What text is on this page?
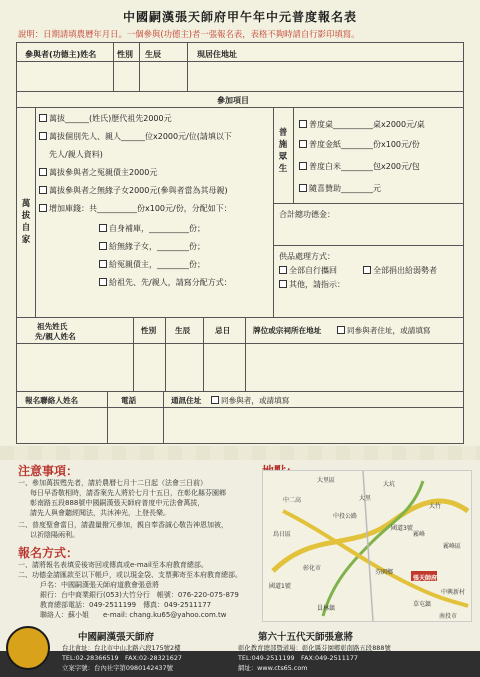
中國嗣漢張天師府甲午年中元普度報名表
說明：日期請填農曆年月日。一個參與(功德主)者一張報名表，表格不夠時請自行影印填寫。
參與者(功德主)姓名	性別 生辰	現居住地址
參加項目
萬拔自家
萬拔______(姓氏)歷代祖先2000元
萬拔個別先人、親人______位x2000元/位(請填以下
先人/親人資料)
萬拔參與者之冤親債主2000元
萬拔參與者之無緣子女2000元(參與者當為其母親)
增加庫錢：共__________份x100元/份，分配如下：
自身補庫，__________份；
給無緣子女，________份；
給冤親債主，________份；
給祖先、先/親人，請寫分配方式：
普施眾生
普度桌__________桌x2000元/桌
普度金紙________份x100元/份
普度白米________包x200元/包
隨喜贊助________元
合計總功德金：
供品處理方式：
全部自行攜回	全部捐出給弱勢者
其他，請指示：
祖先姓氏
先/親人姓名
性別 生辰	忌日	牌位或宗祠所在地址	同參與者住址，或請填寫
報名聯絡人姓名	電話	通訊住址	同參與者，或請填寫
注意事項：
一、參加萬拔甦先者，請於農曆七月十二日起（法會三日前）
每日早香敬相時，請香案先人將於七月十五日，在彰化縣芬園鄉
彰南路五段888號中國嗣漢張天師府普度中元法會萬拔，
請先人與會聽經聞法，共沐神光，上登長樂。
二、普度聖會當日，請盡量撥冗參加，親自奉香誠心敬告神恩加被，
以祈陰陽兩利。
報名方式：
一、請將報名表填妥後寄回或傳真或e-mail至本府教育總部。
二、功德金請匯款至以下帳戶，或以現金袋、支票郵寄至本府教育總部。
戶名：中國嗣漢張天師府道教會張意將
銀行：台中商業銀行(053)大竹分行　帳號：076-220-075-879
教育總部電話：049-2511199　傳真：049-2511177
聯絡人：蘇小姐　　e-mail: chang.ku65@yahoo.com.tw
大里區
大坑
霧峰區
烏日區
彰化市
芬園鄉
員林鎮
國道3號
國道1號
草屯鎮
南投市
中興新村
大竹
大里
中投公路
張天師府
霧峰
中二高
中國嗣漢張天師府	第六十五代天師張意將
台北會址：台北市中山北路六段175號2樓	彰化教育總部暨道場：彰化縣芬園鄉彰南路五段888號
TEL:02-28366519　FAX:02-28321627	TEL:049-2511199　FAX:049-2511177
立案字號：台內社字第0980142437號	網址：www.cts65.com
